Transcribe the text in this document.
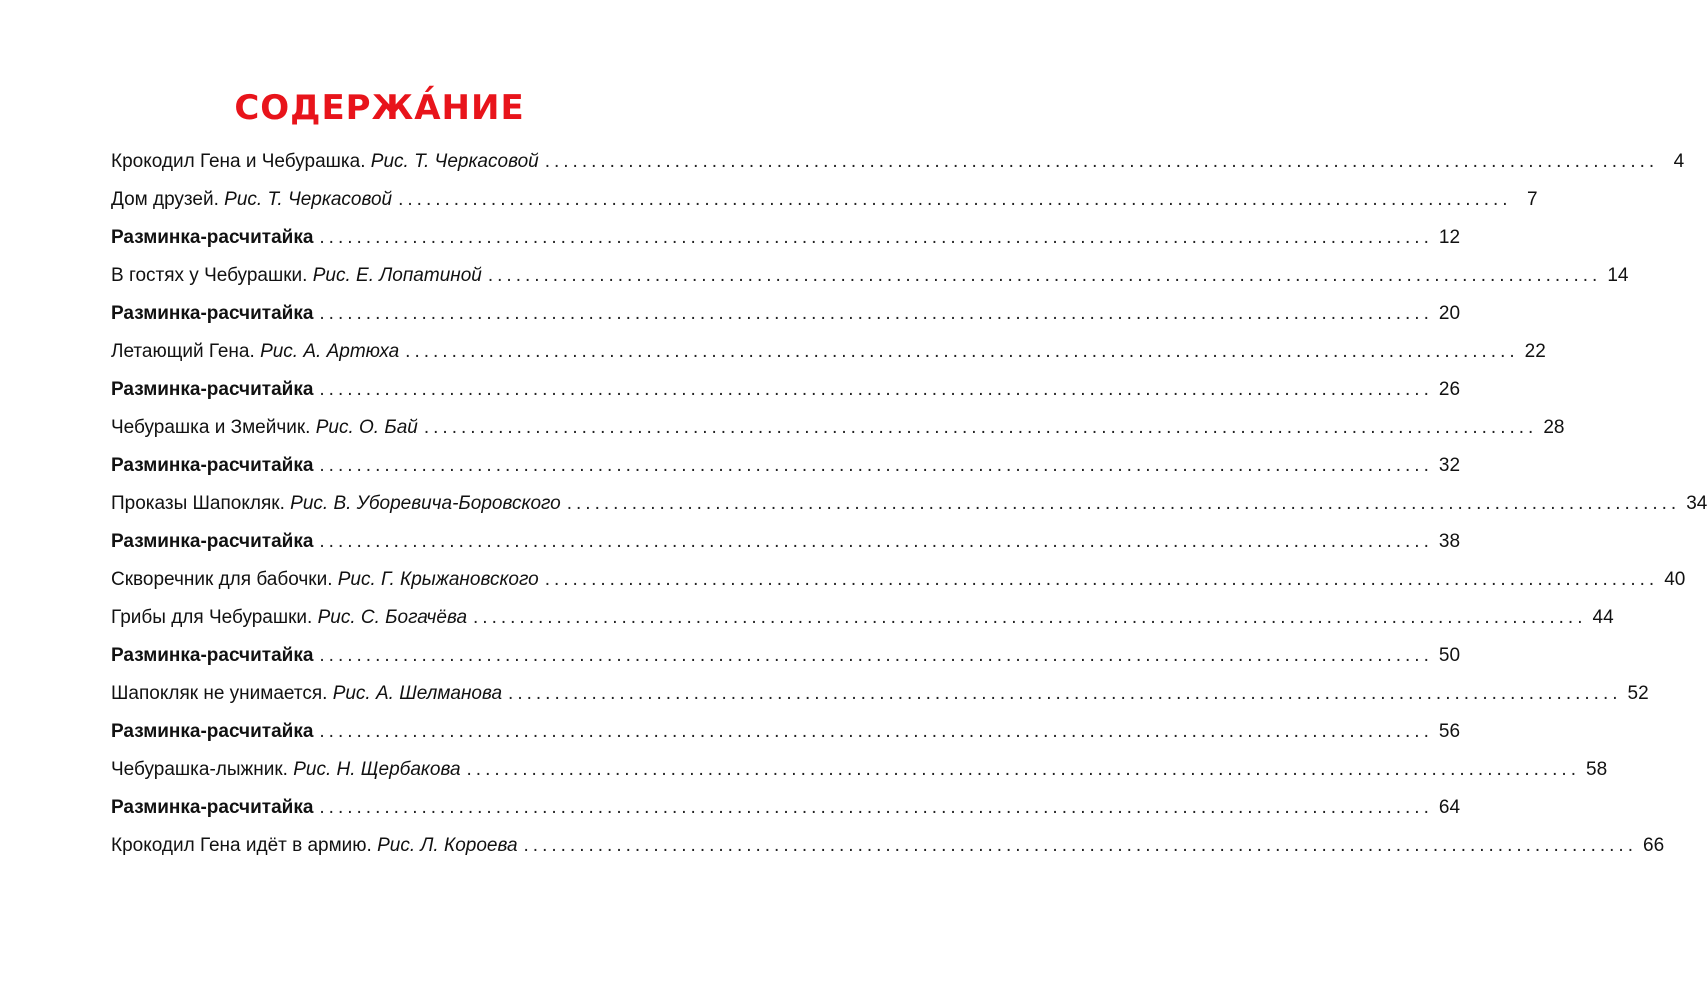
СОДЕРЖА́НИЕ
Крокодил Гена и Чебурашка. Рис. Т. Черкасовой ........................................................................................................................ 4
Дом друзей. Рис. Т. Черкасовой ........................................................................................................................ 7
Разминка-расчитайка ........................................................................................................................ 12
В гостях у Чебурашки. Рис. Е. Лопатиной ........................................................................................................................ 14
Разминка-расчитайка ........................................................................................................................ 20
Летающий Гена. Рис. А. Артюха ........................................................................................................................ 22
Разминка-расчитайка ........................................................................................................................ 26
Чебурашка и Змейчик. Рис. О. Бай ........................................................................................................................ 28
Разминка-расчитайка ........................................................................................................................ 32
Проказы Шапокляк. Рис. В. Уборевича-Боровского ........................................................................................................................ 34
Разминка-расчитайка ........................................................................................................................ 38
Скворечник для бабочки. Рис. Г. Крыжановского ........................................................................................................................ 40
Грибы для Чебурашки. Рис. С. Богачёва ........................................................................................................................ 44
Разминка-расчитайка ........................................................................................................................ 50
Шапокляк не унимается. Рис. А. Шелманова ........................................................................................................................ 52
Разминка-расчитайка ........................................................................................................................ 56
Чебурашка-лыжник. Рис. Н. Щербакова ........................................................................................................................ 58
Разминка-расчитайка ........................................................................................................................ 64
Крокодил Гена идёт в армию. Рис. Л. Короева ........................................................................................................................ 66
